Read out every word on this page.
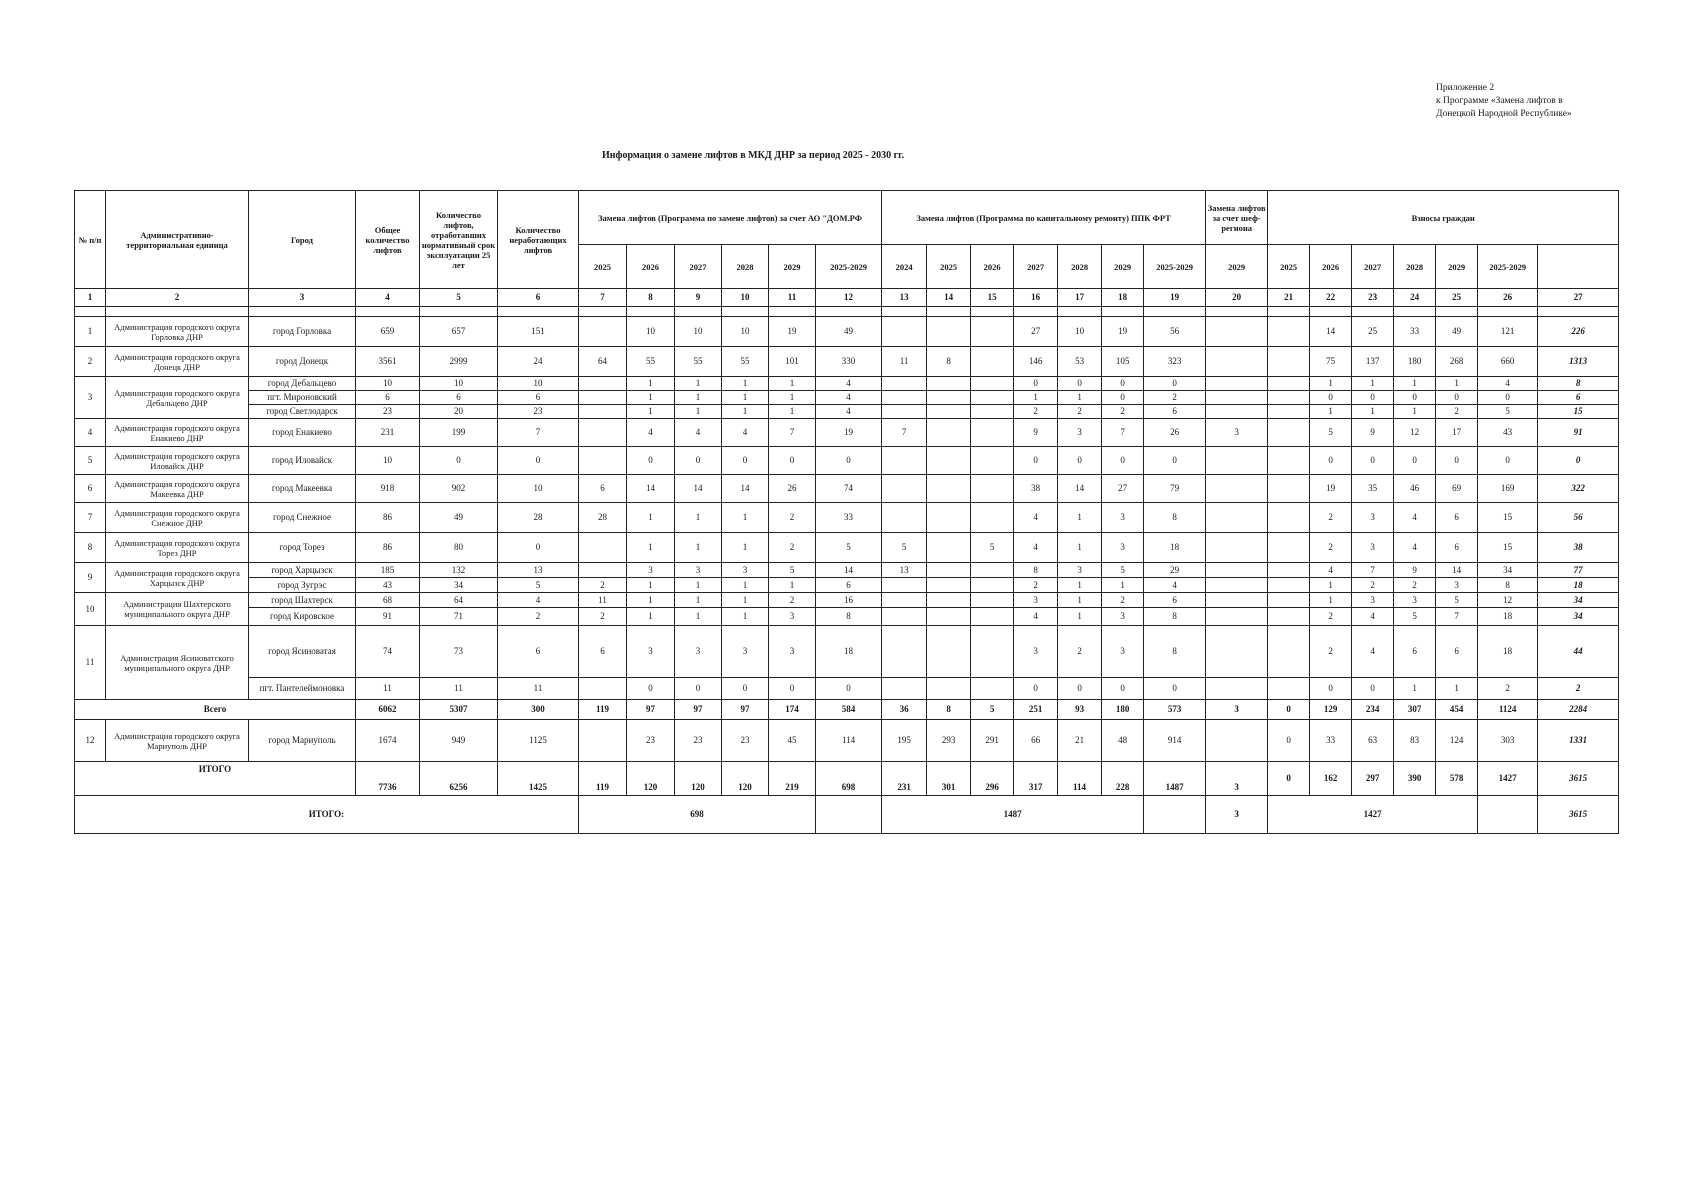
Приложение 2
к Программе «Замена лифтов в
Донецкой Народной Республике»
Информация о замене лифтов в МКД ДНР за период 2025 - 2030 гг.
№ п/п	Административно-территориальная единица	Город	Общее количество лифтов	Количество лифтов, отработавших нормативный срок эксплуатации 25 лет	Количество неработающих лифтов	Замена лифтов (Программа по замене лифтов) за счет АО "ДОМ.РФ						Замена лифтов (Программа по капитальному ремонту) ППК ФРТ							Замена лифтов за счет шеф-региона	Взносы граждан	
						2025	2026	2027	2028	2029	2025-2029	2024	2025	2026	2027	2028	2029	2025-2029	2029	2025	2026	2027	2028	2029	2025-2029		
1	2	3	4	5	6	7	8	9	10	11	12	13	14	15	16	17	18	19	20	21	22	23	24	25	26	27	

1	Администрация городского округа Горловка ДНР	город Горловка	659	657	151		10	10	10	19	49				27	10	19	56			14	25	33	49	121	226	
2	Администрация городского округа Донецк ДНР	город Донецк	3561	2999	24	64	55	55	55	101	330	11	8		146	53	105	323			75	137	180	268	660	1313	
3	Администрация городского округа Дебальцево ДНР	город Дебальцево	10	10	10		1	1	1	1	4				0	0	0	0			1	1	1	1	4	8	
		пгт. Мироновский	6	6	6		1	1	1	1	4				1	1	0	2			0	0	0	0	0	6	
		город Светлодарск	23	20	23		1	1	1	1	4				2	2	2	6			1	1	1	2	5	15	
4	Администрация городского округа Енакиево ДНР	город Енакиево	231	199	7		4	4	4	7	19	7			9	3	7	26	3		5	9	12	17	43	91	
5	Администрация городского округа Иловайск ДНР	город Иловайск	10	0	0		0	0	0	0	0				0	0	0	0			0	0	0	0	0	0	
6	Администрация городского округа Макеевка ДНР	город Макеевка	918	902	10	6	14	14	14	26	74				38	14	27	79			19	35	46	69	169	322	
7	Администрация городского округа Снежное ДНР	город Снежное	86	49	28	28	1	1	1	2	33				4	1	3	8			2	3	4	6	15	56	
8	Администрация городского округа Торез ДНР	город Торез	86	80	0		1	1	1	2	5	5		5	4	1	3	18			2	3	4	6	15	38	
9	Администрация городского округа Харцызск ДНР	город Харцызск	185	132	13		3	3	3	5	14	13			8	3	5	29			4	7	9	14	34	77	
		город Зугрэс	43	34	5	2	1	1	1	1	6				2	1	1	4			1	2	2	3	8	18	
10	Администрация Шахтерского муниципального округа ДНР	город Шахтерск	68	64	4	11	1	1	1	2	16				3	1	2	6			1	3	3	5	12	34	
		город Кировское	91	71	2	2	1	1	1	3	8				4	1	3	8			2	4	5	7	18	34	
11	Администрация Ясиноватского муниципального округа ДНР	город Ясиноватая	74	73	6	6	3	3	3	3	18				3	2	3	8			2	4	6	6	18	44	
		пгт. Пантелеймоновка	11	11	11		0	0	0	0	0				0	0	0	0			0	0	1	1	2	2	
Всего			6062	5307	300	119	97	97	97	174	584	36	8	5	251	93	180	573	3	0	129	234	307	454	1124	2284	
12	Администрация городского округа Мариуполь ДНР	город Мариуполь	1674	949	1125		23	23	23	45	114	195	293	291	66	21	48	914		0	33	63	83	124	303	1331	
ИТОГО			7736	6256	1425	119	120	120	120	219	698	231	301	296	317	114	228	1487	3	0	162	297	390	578	1427	3615	
ИТОГО:						698						1487							3	1427						3615	
